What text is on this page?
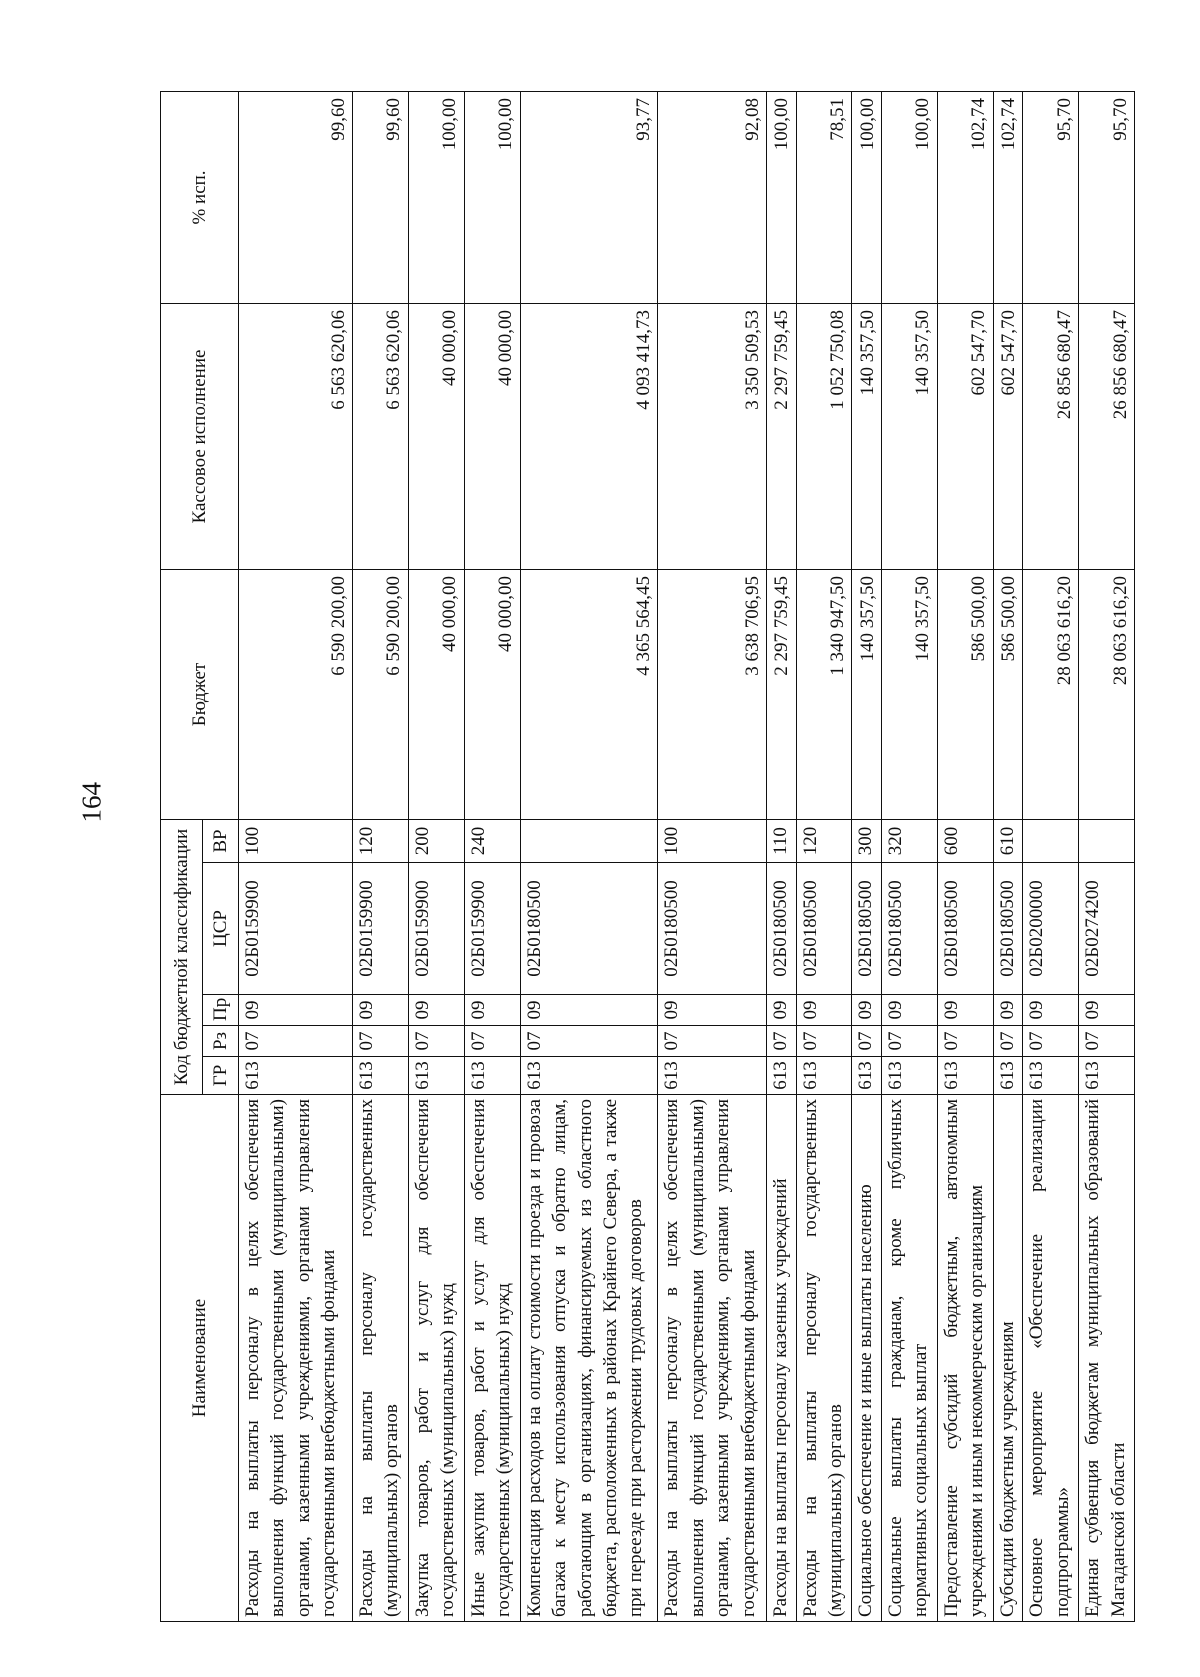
164
Наименование	Код бюджетной классификации					Бюджет	Кассовое исполнение	% исп.
	ГР	Рз	Пр	ЦСР	ВР			

Расходы на выплаты персоналу в целях обеспечения выполнения функций государственными (муниципальными) органами, казенными учреждениями, органами управления государственными внебюджетными фондами	613	07	09	02Б0159900	100	6 590 200,00	6 563 620,06	99,60
Расходы на выплаты персоналу государственных (муниципальных) органов	613	07	09	02Б0159900	120	6 590 200,00	6 563 620,06	99,60
Закупка товаров, работ и услуг для обеспечения государственных (муниципальных) нужд	613	07	09	02Б0159900	200	40 000,00	40 000,00	100,00
Иные закупки товаров, работ и услуг для обеспечения государственных (муниципальных) нужд	613	07	09	02Б0159900	240	40 000,00	40 000,00	100,00
Компенсация расходов на оплату стоимости проезда и провоза багажа к месту использования отпуска и обратно лицам, работающим в организациях, финансируемых из областного бюджета, расположенных в районах Крайнего Севера, а также при переезде при расторжении трудовых договоров	613	07	09	02Б0180500		4 365 564,45	4 093 414,73	93,77
Расходы на выплаты персоналу в целях обеспечения выполнения функций государственными (муниципальными) органами, казенными учреждениями, органами управления государственными внебюджетными фондами	613	07	09	02Б0180500	100	3 638 706,95	3 350 509,53	92,08
Расходы на выплаты персоналу казенных учреждений	613	07	09	02Б0180500	110	2 297 759,45	2 297 759,45	100,00
Расходы на выплаты персоналу государственных (муниципальных) органов	613	07	09	02Б0180500	120	1 340 947,50	1 052 750,08	78,51
Социальное обеспечение и иные выплаты населению	613	07	09	02Б0180500	300	140 357,50	140 357,50	100,00
Социальные выплаты гражданам, кроме публичных нормативных социальных выплат	613	07	09	02Б0180500	320	140 357,50	140 357,50	100,00
Предоставление субсидий бюджетным, автономным учреждениям и иным некоммерческим организациям	613	07	09	02Б0180500	600	586 500,00	602 547,70	102,74
Субсидии бюджетным учреждениям	613	07	09	02Б0180500	610	586 500,00	602 547,70	102,74
Основное мероприятие «Обеспечение реализации подпрограммы»	613	07	09	02Б0200000		28 063 616,20	26 856 680,47	95,70
Единая субвенция бюджетам муниципальных образований Магаданской области	613	07	09	02Б0274200		28 063 616,20	26 856 680,47	95,70
